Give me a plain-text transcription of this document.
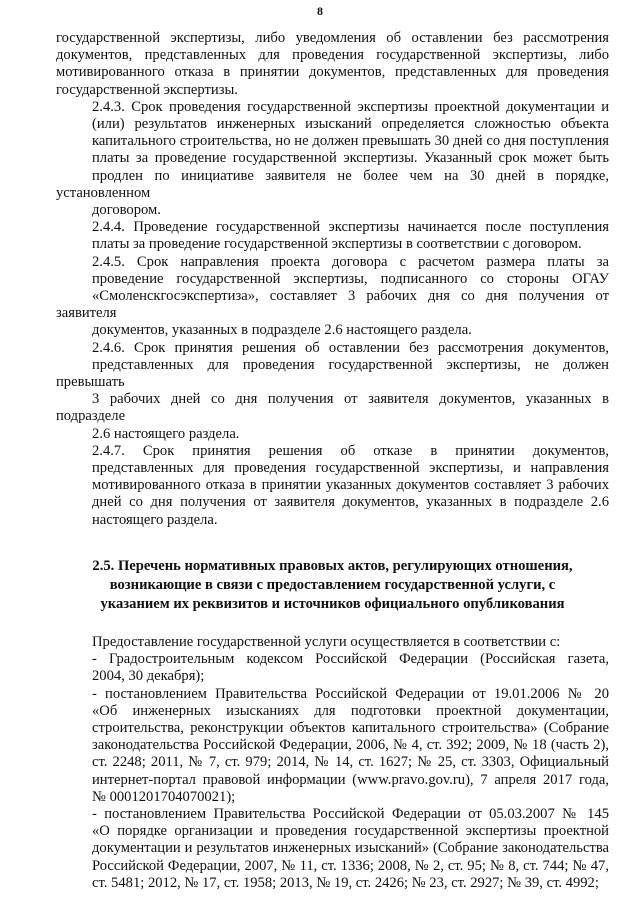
8

государственной экспертизы, либо уведомления об оставлении без рассмотрения
документов, представленных для проведения государственной экспертизы, либо
мотивированного отказа в принятии документов, представленных для проведения
государственной экспертизы.

2.4.3. Срок проведения государственной экспертизы проектной документации и
(или) результатов инженерных изысканий определяется сложностью объекта
капитального строительства, но не должен превышать 30 дней со дня поступления
платы за проведение государственной экспертизы. Указанный срок может быть
продлен по инициативе заявителя не более чем на 30 дней в порядке, установленном
договором.

2.4.4. Проведение государственной экспертизы начинается после поступления
платы за проведение государственной экспертизы в соответствии с договором.

2.4.5. Срок направления проекта договора с расчетом размера платы за
проведение государственной экспертизы, подписанного со стороны ОГАУ
«Смоленскгосэкспертиза», составляет 3 рабочих дня со дня получения от заявителя
документов, указанных в подразделе 2.6 настоящего раздела.

2.4.6. Срок принятия решения об оставлении без рассмотрения документов,
представленных для проведения государственной экспертизы, не должен превышать
3 рабочих дней со дня получения от заявителя документов, указанных в подразделе
2.6 настоящего раздела.

2.4.7. Срок принятия решения об отказе в принятии документов,
представленных для проведения государственной экспертизы, и направления
мотивированного отказа в принятии указанных документов составляет 3 рабочих
дней со дня получения от заявителя документов, указанных в подразделе 2.6
настоящего раздела.

2.5. Перечень нормативных правовых актов, регулирующих отношения,
возникающие в связи с предоставлением государственной услуги, с
указанием их реквизитов и источников официального опубликования

Предоставление государственной услуги осуществляется в соответствии с:

- Градостроительным кодексом Российской Федерации (Российская газета,
2004, 30 декабря);

- постановлением Правительства Российской Федерации от 19.01.2006 № 20
«Об инженерных изысканиях для подготовки проектной документации,
строительства, реконструкции объектов капитального строительства» (Собрание
законодательства Российской Федерации, 2006, № 4, ст. 392; 2009, № 18 (часть 2),
ст. 2248; 2011, № 7, ст. 979; 2014, № 14, ст. 1627; № 25, ст. 3303, Официальный
интернет-портал правовой информации (www.pravo.gov.ru), 7 апреля 2017 года,
№ 0001201704070021);

- постановлением Правительства Российской Федерации от 05.03.2007 № 145
«О порядке организации и проведения государственной экспертизы проектной
документации и результатов инженерных изысканий» (Собрание законодательства
Российской Федерации, 2007, № 11, ст. 1336; 2008, № 2, ст. 95; № 8, ст. 744; № 47,
ст. 5481; 2012, № 17, ст. 1958; 2013, № 19, ст. 2426; № 23, ст. 2927; № 39, ст. 4992;
